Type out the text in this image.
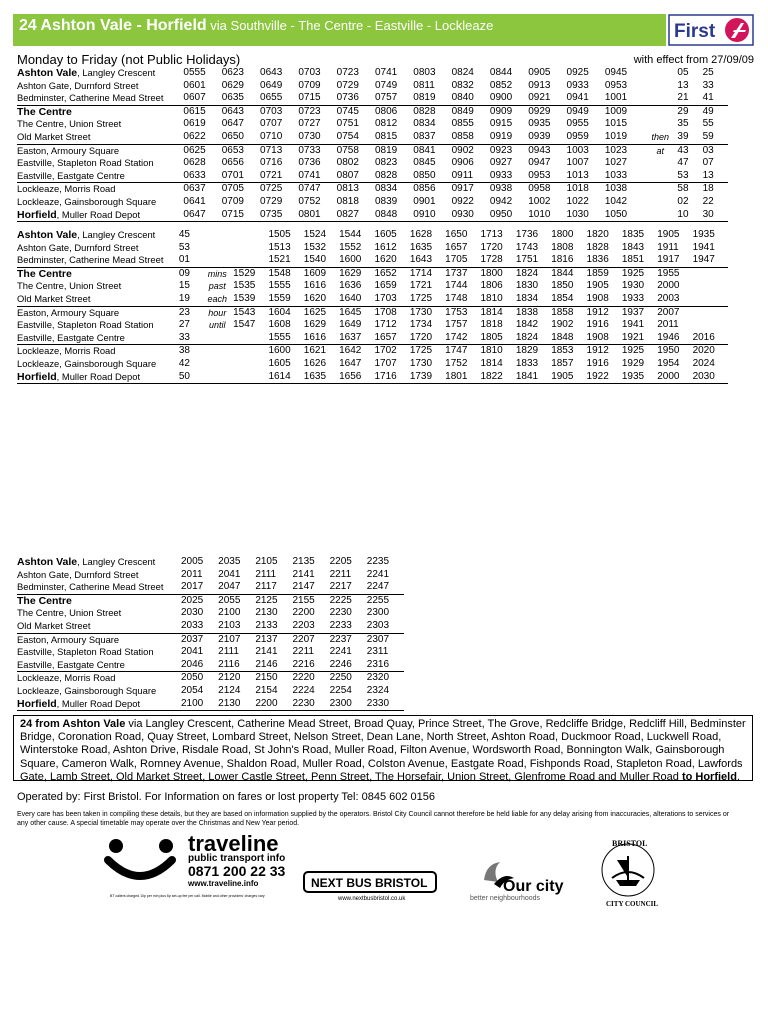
24 Ashton Vale - Horfield via Southville - The Centre - Eastville - Lockleaze	First
Monday to Friday (not Public Holidays)	with effect from 27/09/09
Ashton Vale, Langley Crescent	0555	0623	0643	0703	0723	0741	0803	0824	0844	0905	0925	0945		05	25
Ashton Gate, Durnford Street	0601	0629	0649	0709	0729	0749	0811	0832	0852	0913	0933	0953		13	33
Bedminster, Catherine Mead Street	0607	0635	0655	0715	0736	0757	0819	0840	0900	0921	0941	1001		21	41
The Centre	0615	0643	0703	0723	0745	0806	0828	0849	0909	0929	0949	1009		29	49
The Centre, Union Street	0619	0647	0707	0727	0751	0812	0834	0855	0915	0935	0955	1015		35	55
Old Market Street	0622	0650	0710	0730	0754	0815	0837	0858	0919	0939	0959	1019	then	39	59
Easton, Armoury Square	0625	0653	0713	0733	0758	0819	0841	0902	0923	0943	1003	1023	at	43	03
Eastville, Stapleton Road Station	0628	0656	0716	0736	0802	0823	0845	0906	0927	0947	1007	1027		47	07
Eastville, Eastgate Centre	0633	0701	0721	0741	0807	0828	0850	0911	0933	0953	1013	1033		53	13
Lockleaze, Morris Road	0637	0705	0725	0747	0813	0834	0856	0917	0938	0958	1018	1038		58	18
Lockleaze, Gainsborough Square	0641	0709	0729	0752	0818	0839	0901	0922	0942	1002	1022	1042		02	22
Horfield, Muller Road Depot	0647	0715	0735	0801	0827	0848	0910	0930	0950	1010	1030	1050		10	30
Ashton Vale, Langley Crescent	45			1505	1524	1544	1605	1628	1650	1713	1736	1800	1820	1835	1905	1935
Ashton Gate, Durnford Street	53			1513	1532	1552	1612	1635	1657	1720	1743	1808	1828	1843	1911	1941
Bedminster, Catherine Mead Street	01			1521	1540	1600	1620	1643	1705	1728	1751	1816	1836	1851	1917	1947
The Centre	09	mins	1529	1548	1609	1629	1652	1714	1737	1800	1824	1844	1859	1925	1955	
The Centre, Union Street	15	past	1535	1555	1616	1636	1659	1721	1744	1806	1830	1850	1905	1930	2000	
Old Market Street	19	each	1539	1559	1620	1640	1703	1725	1748	1810	1834	1854	1908	1933	2003	
Easton, Armoury Square	23	hour	1543	1604	1625	1645	1708	1730	1753	1814	1838	1858	1912	1937	2007	
Eastville, Stapleton Road Station	27	until	1547	1608	1629	1649	1712	1734	1757	1818	1842	1902	1916	1941	2011	
Eastville, Eastgate Centre	33			1555	1616	1637	1657	1720	1742	1805	1824	1848	1908	1921	1946	2016
Lockleaze, Morris Road	38			1600	1621	1642	1702	1725	1747	1810	1829	1853	1912	1925	1950	2020
Lockleaze, Gainsborough Square	42			1605	1626	1647	1707	1730	1752	1814	1833	1857	1916	1929	1954	2024
Horfield, Muller Road Depot	50			1614	1635	1656	1716	1739	1801	1822	1841	1905	1922	1935	2000	2030
Ashton Vale, Langley Crescent	2005	2035	2105	2135	2205	2235
Ashton Gate, Durnford Street	2011	2041	2111	2141	2211	2241
Bedminster, Catherine Mead Street	2017	2047	2117	2147	2217	2247
The Centre	2025	2055	2125	2155	2225	2255
The Centre, Union Street	2030	2100	2130	2200	2230	2300
Old Market Street	2033	2103	2133	2203	2233	2303
Easton, Armoury Square	2037	2107	2137	2207	2237	2307
Eastville, Stapleton Road Station	2041	2111	2141	2211	2241	2311
Eastville, Eastgate Centre	2046	2116	2146	2216	2246	2316
Lockleaze, Morris Road	2050	2120	2150	2220	2250	2320
Lockleaze, Gainsborough Square	2054	2124	2154	2224	2254	2324
Horfield, Muller Road Depot	2100	2130	2200	2230	2300	2330
24 from Ashton Vale via Langley Crescent, Catherine Mead Street, Broad Quay, Prince Street, The Grove, Redcliffe Bridge, Redcliff Hill, Bedminster Bridge, Coronation Road, Quay Street, Lombard Street, Nelson Street, Dean Lane, North Street, Ashton Road, Duckmoor Road, Luckwell Road, Winterstoke Road, Ashton Drive, Risdale Road, St John's Road, Muller Road, Filton Avenue, Wordsworth Road, Bonnington Walk, Gainsborough Square, Cameron Walk, Romney Avenue, Shaldon Road, Muller Road, Colston Avenue, Eastgate Road, Fishponds Road, Stapleton Road, Lawfords Gate, Lamb Street, Old Market Street, Lower Castle Street, Penn Street, The Horsefair, Union Street, Glenfrome Road and Muller Road to Horfield.
Operated by: First Bristol. For Information on fares or lost property Tel: 0845 602 0156
Every care has been taken in compiling these details, but they are based on information supplied by the operators. Bristol City Council cannot therefore be held liable for any delay arising from inaccuracies, alterations to services or any other cause. A special timetable may operate over the Christmas and New Year period.
traveline
public transport info
0871 200 22 33
www.traveline.info
BT callers charged 10p per min plus 6p set-up fee per call. Mobile and other providers' charges vary
NEXT BUS BRISTOL
www.nextbusbristol.co.uk
Our city
better neighbourhoods
BRISTOL
CITY COUNCIL
